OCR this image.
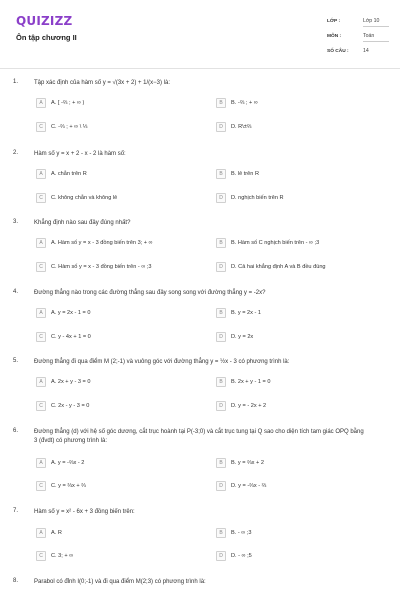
QUIZIZZ
Ôn tập chương II
LỚP :	Lớp 10
MÔN :	Toán
SỐ CÂU :	14
1.	Tập xác định của hàm số y = √(3x + 2) + 1/(x−3) là:
A	A. [ -⅔ ; + ∞ )	B	B. -⅔ ; + ∞
C	C. -⅔ ; + ∞ \ ⅓	D	D. R\±⅔
2.	Hàm số y = x + 2 - x - 2 là hàm số:
A	A. chẵn trên R	B	B. lẻ trên R
C	C. không chẵn và không lẻ	D	D. nghịch biến trên R
3.	Khẳng định nào sau đây đúng nhất?
A	A. Hàm số y = x - 3 đồng biến trên 3; + ∞	B	B. Hàm số C nghịch biến trên - ∞ ;3
C	C. Hàm số y = x - 3 đồng biến trên - ∞ ;3	D	D. Cả hai khẳng định A và B đều đúng
4.	Đường thẳng nào trong các đường thẳng sau đây song song với đường thẳng y = -2x?
A	A. y = 2x - 1 = 0	B	B. y = 2x - 1
C	C. y - 4x + 1 = 0	D	D. y = 2x
5.	Đường thẳng đi qua điểm M (2;-1) và vuông góc với đường thẳng y = ½x - 3 có phương trình là:
A	A. 2x + y - 3 = 0	B	B. 2x + y - 1 = 0
C	C. 2x - y - 3 = 0	D	D. y = - 2x + 2
6.	Đường thẳng (d) với hệ số góc dương, cắt trục hoành tại P(-3;0) và cắt trục tung tại Q sao cho diện tích tam giác OPQ bằng 3 (đvdt) có phương trình là:
A	A. y = -⅔x - 2	B	B. y = ⅔x + 2
C	C. y = ⅔x + ⅔	D	D. y = -⅔x - ⅔
7.	Hàm số y = x² - 6x + 3 đồng biến trên:
A	A. R	B	B. - ∞ ;3
C	C. 3; + ∞	D	D. - ∞ ;5
8.	Parabol có đỉnh I(0;-1) và đi qua điểm M(2;3) có phương trình là:
